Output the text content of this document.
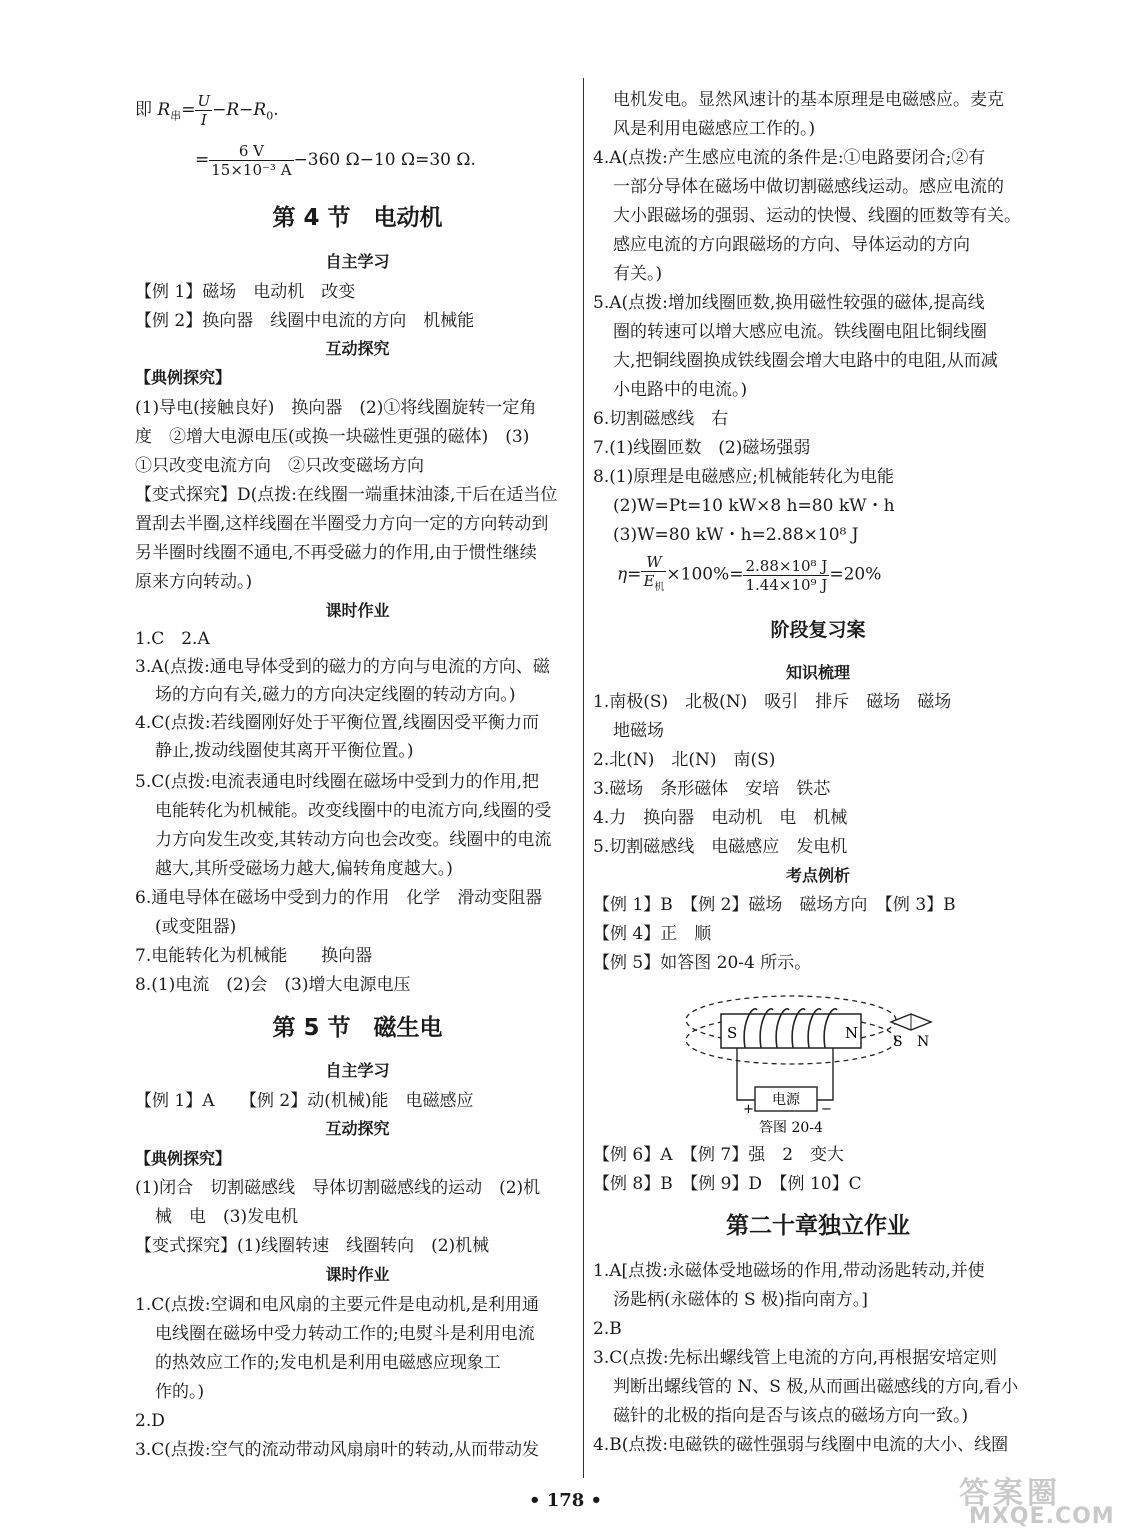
即 $R_串= \frac{U}{I} -R-R_0$.
= $\frac{6 V}{\text{15×10⁻³ A}} -360$ Ω−10 Ω=30 Ω.
第 4 节　电动机
自主学习
【例 1】磁场　电动机　改变
【例 2】换向器　线圈中电流的方向　机械能
互动探究
【典例探究】
(1)导电(接触良好)　换向器　(2)①将线圈旋转一定角
度　②增大电源电压(或换一块磁性更强的磁体)　(3)
①只改变电流方向　②只改变磁场方向
【变式探究】D(点拨:在线圈一端重抹油漆,干后在适当位
置刮去半圈,这样线圈在半圈受力方向一定的方向转动到
另半圈时线圈不通电,不再受磁力的作用,由于惯性继续
原来方向转动。)
课时作业
1.C　2.A
3.A(点拨:通电导体受到的磁力的方向与电流的方向、磁
场的方向有关,磁力的方向决定线圈的转动方向。)
4.C(点拨:若线圈刚好处于平衡位置,线圈因受平衡力而
静止,拨动线圈使其离开平衡位置。)
5.C(点拨:电流表通电时线圈在磁场中受到力的作用,把
电能转化为机械能。改变线圈中的电流方向,线圈的受
力方向发生改变,其转动方向也会改变。线圈中的电流
越大,其所受磁场力越大,偏转角度越大。)
6.通电导体在磁场中受到力的作用　化学　滑动变阻器
(或变阻器)
7.电能转化为机械能　　换向器
8.(1)电流　(2)会　(3)增大电源电压
第 5 节　磁生电
自主学习
【例 1】A　　【例 2】动(机械)能　电磁感应
互动探究
【典例探究】
(1)闭合　切割磁感线　导体切割磁感线的运动　(2)机
械　电　(3)发电机
【变式探究】(1)线圈转速　线圈转向　(2)机械
课时作业
1.C(点拨:空调和电风扇的主要元件是电动机,是利用通
电线圈在磁场中受力转动工作的;电熨斗是利用电流
的热效应工作的;发电机是利用电磁感应现象工
作的。)
2.D
3.C(点拨:空气的流动带动风扇扇叶的转动,从而带动发
电机发电。显然风速计的基本原理是电磁感应。麦克
风是利用电磁感应工作的。)
4.A(点拨:产生感应电流的条件是:①电路要闭合;②有
一部分导体在磁场中做切割磁感线运动。感应电流的
大小跟磁场的强弱、运动的快慢、线圈的匝数等有关。
感应电流的方向跟磁场的方向、导体运动的方向
有关。)
5.A(点拨:增加线圈匝数,换用磁性较强的磁体,提高线
圈的转速可以增大感应电流。铁线圈电阻比铜线圈
大,把铜线圈换成铁线圈会增大电路中的电阻,从而减
小电路中的电流。)
6.切割磁感线　右
7.(1)线圈匝数　(2)磁场强弱
8.(1)原理是电磁感应;机械能转化为电能
(2)W=Pt=10 kW×8 h=80 kW・h
(3)W=80 kW・h=2.88×10⁸ J
$\eta= \frac{W}{E_机} \times 100\%= \frac{\text{2.88×10⁸ J}}{\text{1.44×10⁹ J}} =20\%$
阶段复习案
知识梳理
1.南极(S)　北极(N)　吸引　排斥　磁场　磁场
地磁场
2.北(N)　北(N)　南(S)
3.磁场　条形磁体　安培　铁芯
4.力　换向器　电动机　电　机械
5.切割磁感线　电磁感应　发电机
考点例析
【例 1】B　【例 2】磁场　磁场方向　【例 3】B
【例 4】正　顺
【例 5】如答图 20-4 所示。
S	N
电源
+	−
S N
答图 20-4
【例 6】A　【例 7】强　2　变大
【例 8】B　【例 9】D　【例 10】C
第二十章独立作业
1.A[点拨:永磁体受地磁场的作用,带动汤匙转动,并使
汤匙柄(永磁体的 S 极)指向南方。]
2.B
3.C(点拨:先标出螺线管上电流的方向,再根据安培定则
判断出螺线管的 N、S 极,从而画出磁感线的方向,看小
磁针的北极的指向是否与该点的磁场方向一致。)
4.B(点拨:电磁铁的磁性强弱与线圈中电流的大小、线圈
• 178 •	答案圈
MXQE.COM
